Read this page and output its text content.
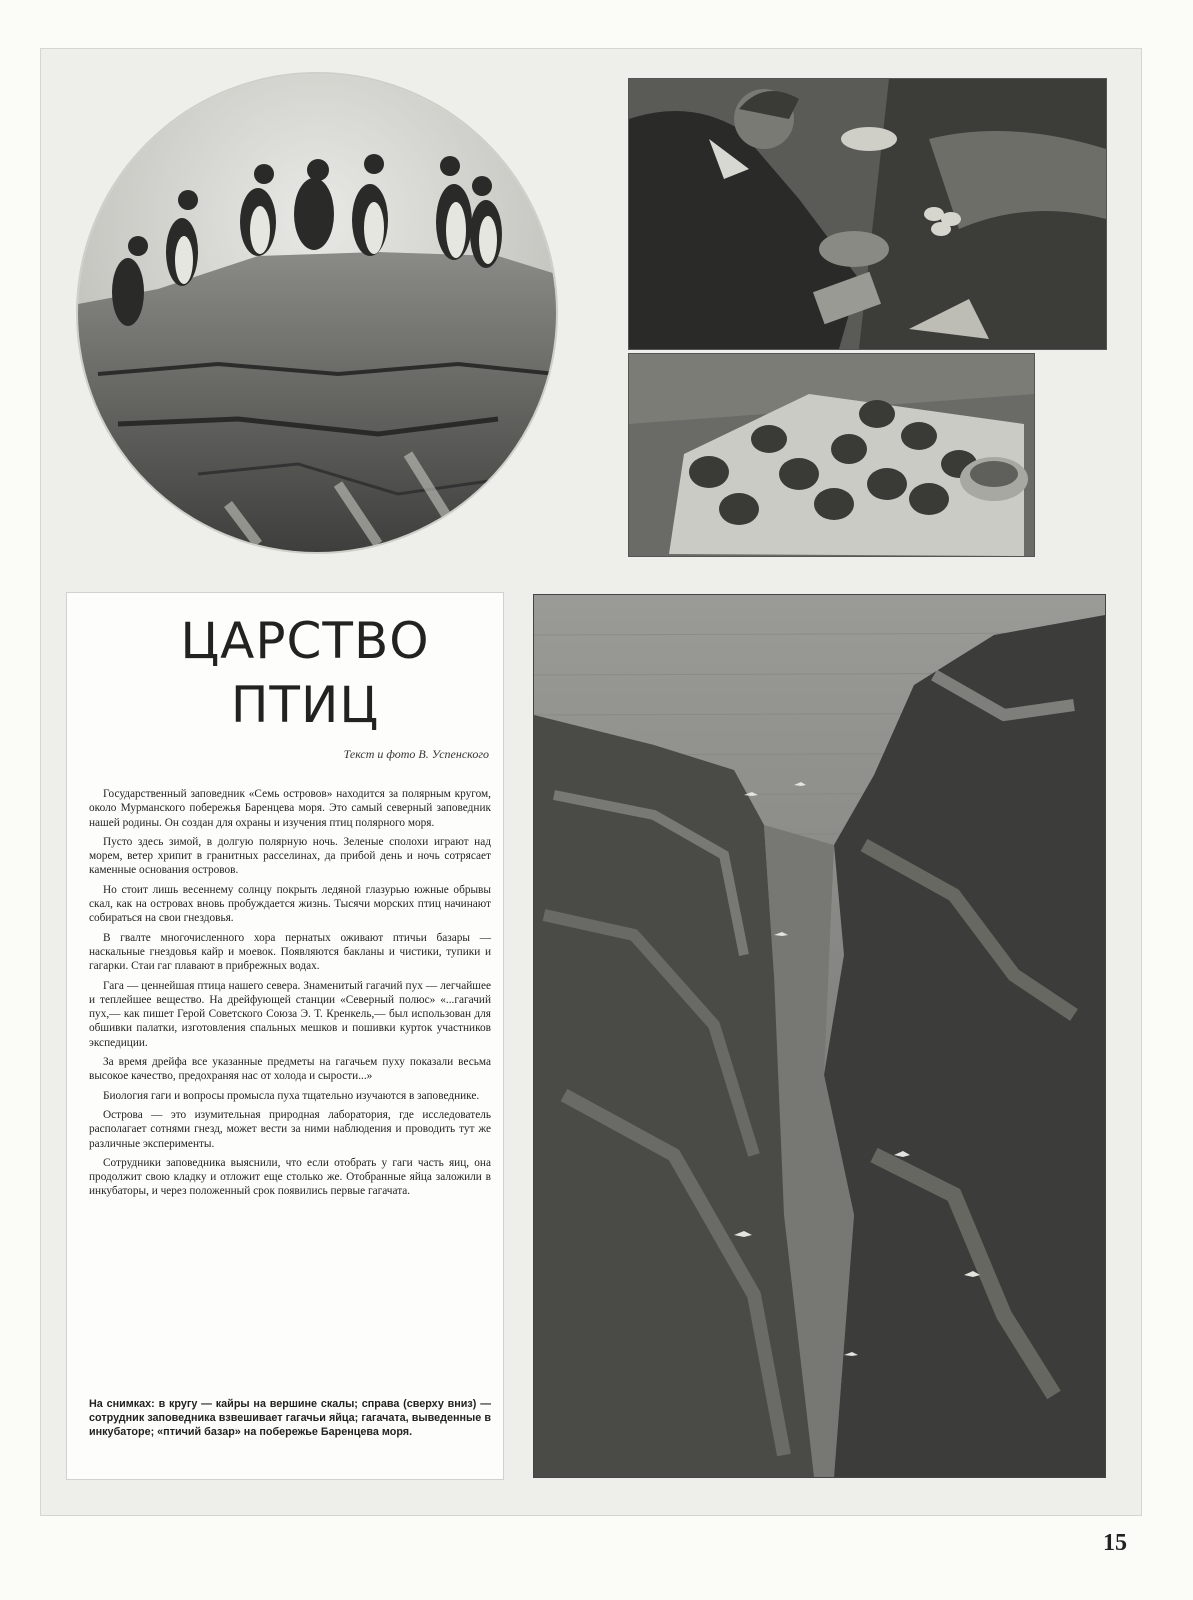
ЦАРСТВО
ПТИЦ
Текст и фото В. Успенского

Государственный заповедник «Семь островов» находится за полярным кругом, около Мурманского побережья Баренцева моря. Это самый северный заповедник нашей родины. Он создан для охраны и изучения птиц полярного моря.

Пусто здесь зимой, в долгую полярную ночь. Зеленые сполохи играют над морем, ветер хрипит в гранитных расселинах, да прибой день и ночь сотрясает каменные основания островов.

Но стоит лишь весеннему солнцу покрыть ледяной глазурью южные обрывы скал, как на островах вновь пробуждается жизнь. Тысячи морских птиц начинают собираться на свои гнездовья.

В гвалте многочисленного хора пернатых оживают птичьи базары — наскальные гнездовья кайр и моевок. Появляются бакланы и чистики, тупики и гагарки. Стаи гаг плавают в прибрежных водах.

Гага — ценнейшая птица нашего севера. Знаменитый гагачий пух — легчайшее и теплейшее вещество. На дрейфующей станции «Северный полюс» «...гагачий пух,— как пишет Герой Советского Союза Э. Т. Кренкель,— был использован для обшивки палатки, изготовления спальных мешков и пошивки курток участников экспедиции.

За время дрейфа все указанные предметы на гагачьем пуху показали весьма высокое качество, предохраняя нас от холода и сырости...»

Биология гаги и вопросы промысла пуха тщательно изучаются в заповеднике.

Острова — это изумительная природная лаборатория, где исследователь располагает сотнями гнезд, может вести за ними наблюдения и проводить тут же различные эксперименты.

Сотрудники заповедника выяснили, что если отобрать у гаги часть яиц, она продолжит свою кладку и отложит еще столько же. Отобранные яйца заложили в инкубаторы, и через положенный срок появились первые гагачата.

На снимках: в кругу — кайры на вершине скалы; справа (сверху вниз) — сотрудник заповедника взвешивает гагачьи яйца; гагачата, выведенные в инкубаторе; «птичий базар» на побережье Баренцева моря.
15
